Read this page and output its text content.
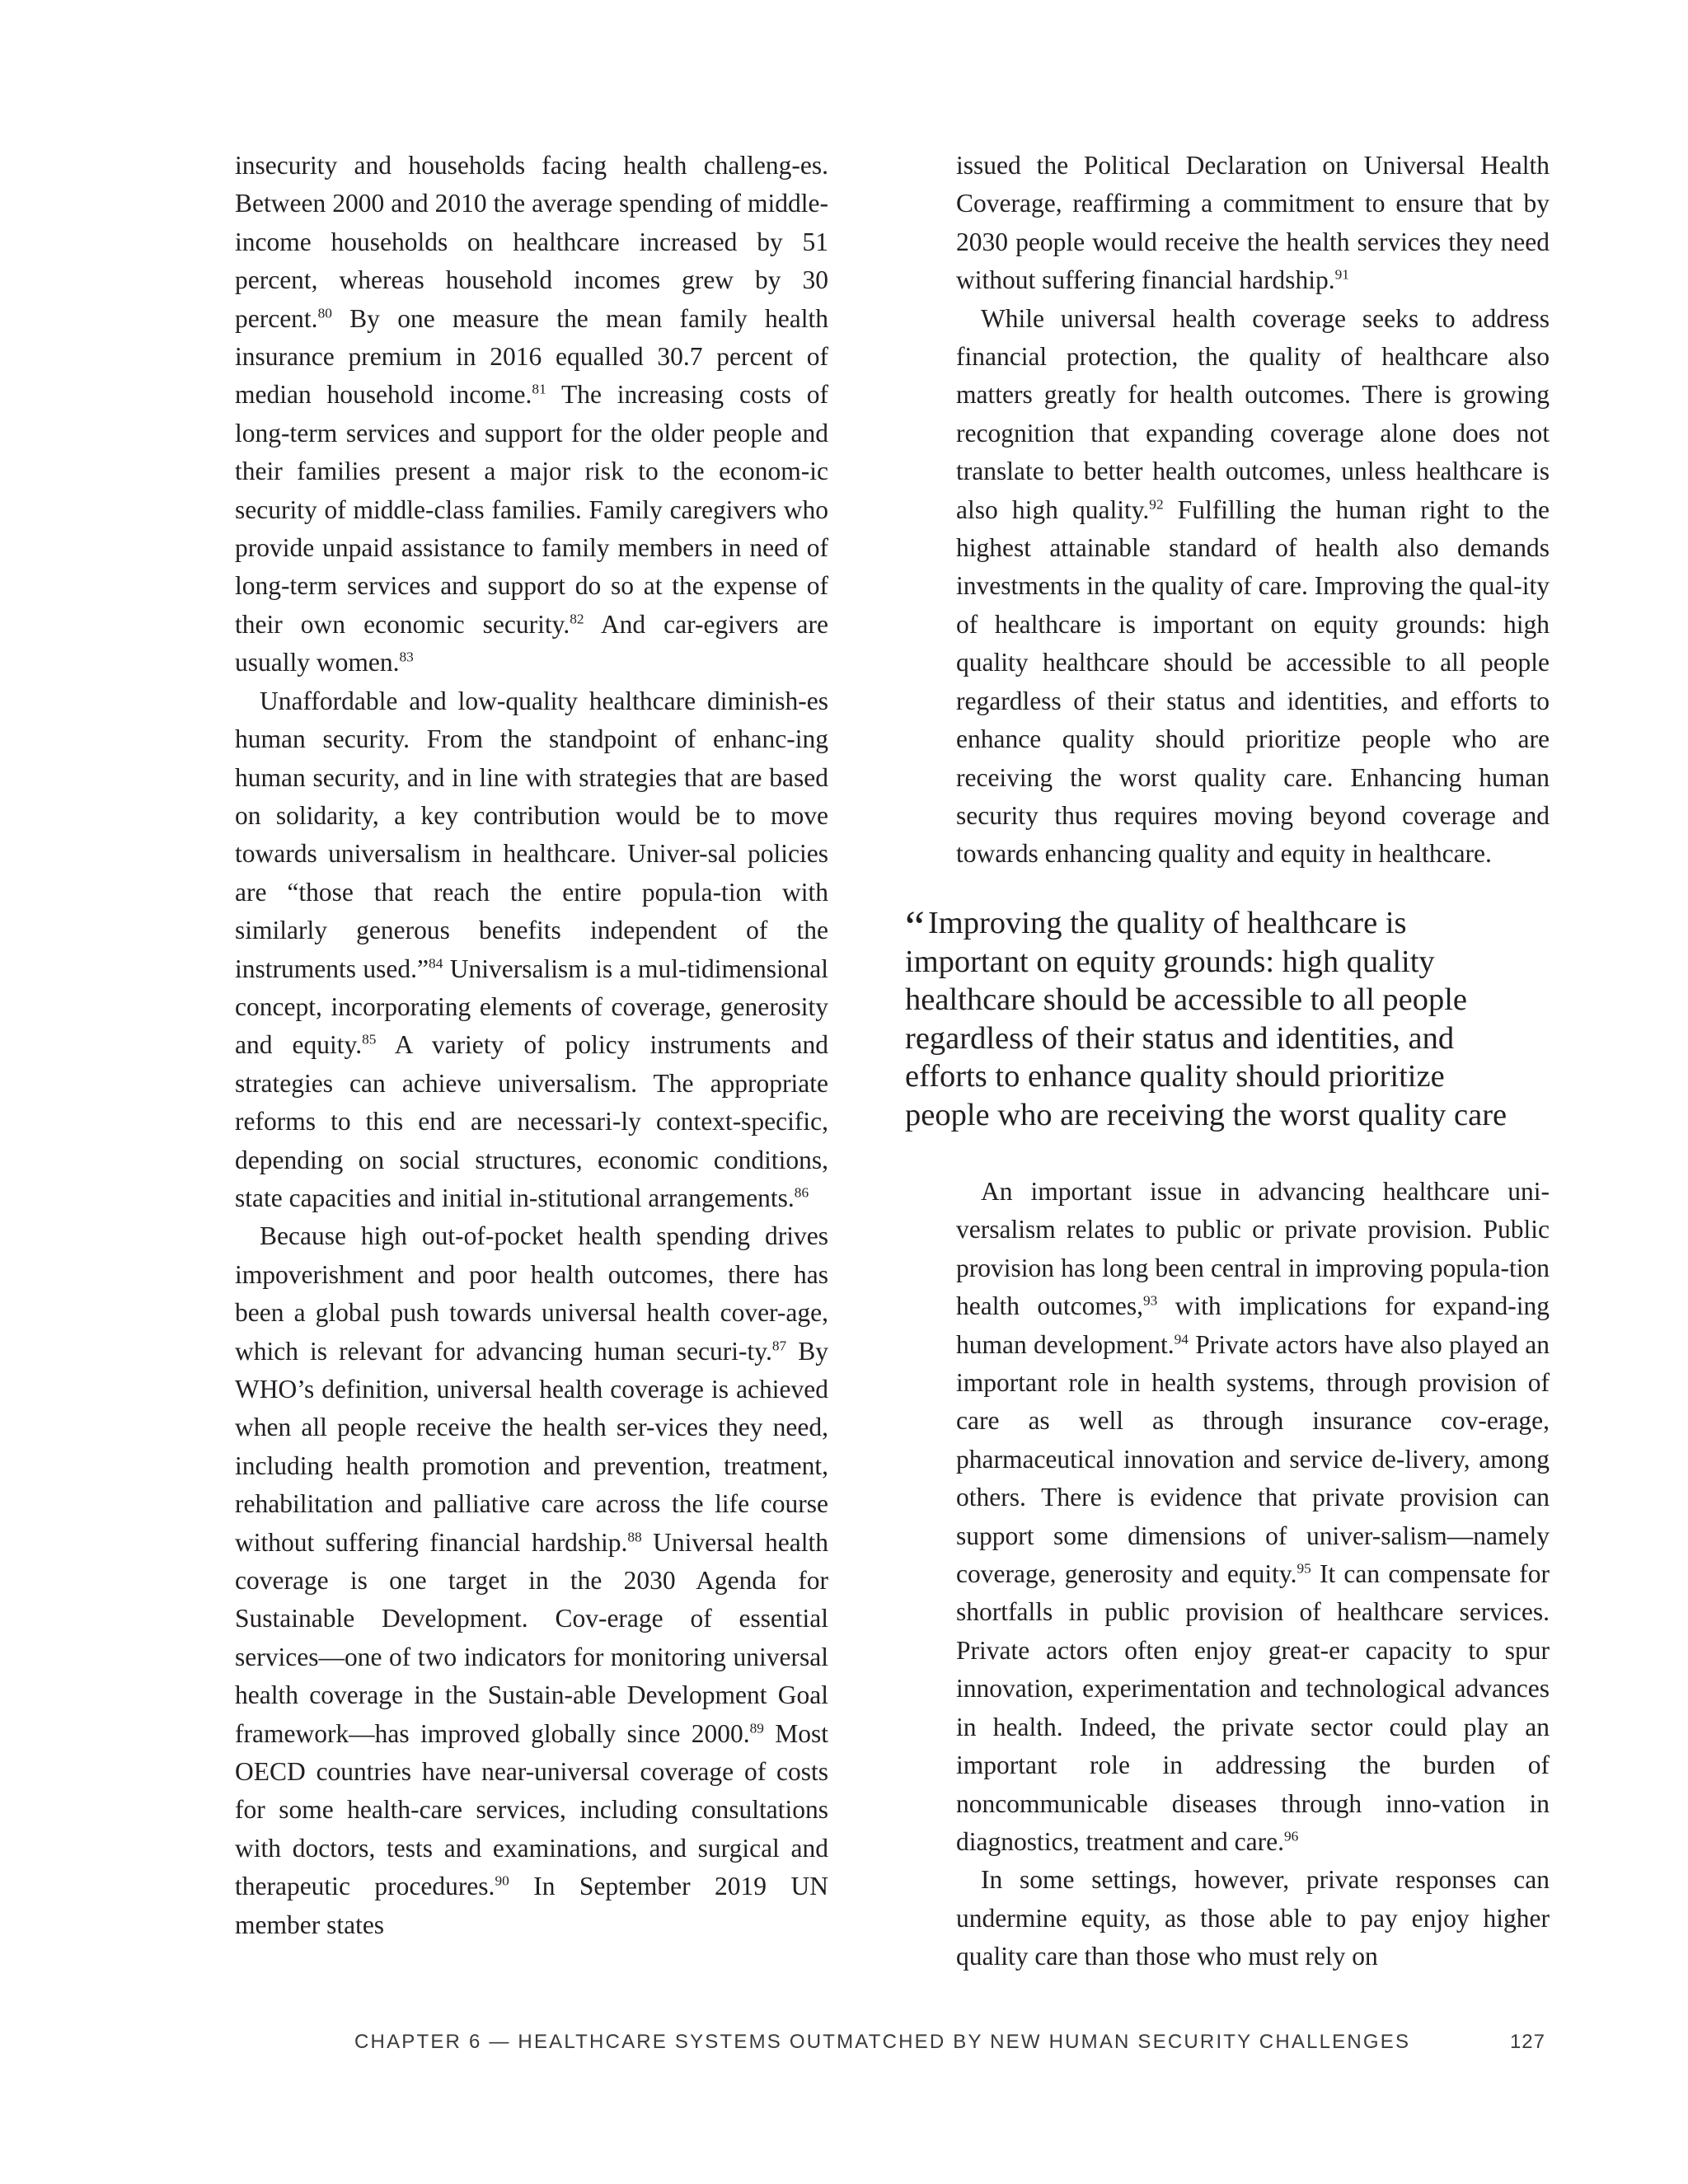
insecurity and households facing health challeng-es. Between 2000 and 2010 the average spending of middle-income households on healthcare increased by 51 percent, whereas household incomes grew by 30 percent.$^{80}$ By one measure the mean family health insurance premium in 2016 equalled 30.7 percent of median household income.$^{81}$ The increasing costs of long-term services and support for the older people and their families present a major risk to the econom-ic security of middle-class families. Family caregivers who provide unpaid assistance to family members in need of long-term services and support do so at the expense of their own economic security.$^{82}$ And car-egivers are usually women.$^{83}$

Unaffordable and low-quality healthcare diminish-es human security. From the standpoint of enhanc-ing human security, and in line with strategies that are based on solidarity, a key contribution would be to move towards universalism in healthcare. Univer-sal policies are “those that reach the entire popula-tion with similarly generous benefits independent of the instruments used.”$^{84}$ Universalism is a mul-tidimensional concept, incorporating elements of coverage, generosity and equity.$^{85}$ A variety of policy instruments and strategies can achieve universalism. The appropriate reforms to this end are necessari-ly context-specific, depending on social structures, economic conditions, state capacities and initial in-stitutional arrangements.$^{86}$

Because high out-of-pocket health spending drives impoverishment and poor health outcomes, there has been a global push towards universal health cover-age, which is relevant for advancing human securi-ty.$^{87}$ By WHO’s definition, universal health coverage is achieved when all people receive the health ser-vices they need, including health promotion and prevention, treatment, rehabilitation and palliative care across the life course without suffering financial hardship.$^{88}$ Universal health coverage is one target in the 2030 Agenda for Sustainable Development. Cov-erage of essential services—one of two indicators for monitoring universal health coverage in the Sustain-able Development Goal framework—has improved globally since 2000.89 Most OECD countries have near-universal coverage of costs for some health-care services, including consultations with doctors, tests and examinations, and surgical and therapeutic procedures.$^{90}$ In September 2019 UN member states

issued the Political Declaration on Universal Health Coverage, reaffirming a commitment to ensure that by 2030 people would receive the health services they need without suffering financial hardship.$^{91}$

While universal health coverage seeks to address financial protection, the quality of healthcare also matters greatly for health outcomes. There is growing recognition that expanding coverage alone does not translate to better health outcomes, unless healthcare is also high quality.$^{92}$ Fulfilling the human right to the highest attainable standard of health also demands investments in the quality of care. Improving the qual-ity of healthcare is important on equity grounds: high quality healthcare should be accessible to all people regardless of their status and identities, and efforts to enhance quality should prioritize people who are receiving the worst quality care. Enhancing human security thus requires moving beyond coverage and towards enhancing quality and equity in healthcare.

“ Improving the quality of healthcare is
important on equity grounds: high quality
healthcare should be accessible to all people
regardless of their status and identities, and
efforts to enhance quality should prioritize
people who are receiving the worst quality care

An important issue in advancing healthcare uni-versalism relates to public or private provision. Public provision has long been central in improving popula-tion health outcomes,$^{93}$ with implications for expand-ing human development.$^{94}$ Private actors have also played an important role in health systems, through provision of care as well as through insurance cov-erage, pharmaceutical innovation and service de-livery, among others. There is evidence that private provision can support some dimensions of univer-salism—namely coverage, generosity and equity.$^{95}$ It can compensate for shortfalls in public provision of healthcare services. Private actors often enjoy great-er capacity to spur innovation, experimentation and technological advances in health. Indeed, the private sector could play an important role in addressing the burden of noncommunicable diseases through inno-vation in diagnostics, treatment and care.$^{96}$

In some settings, however, private responses can undermine equity, as those able to pay enjoy higher quality care than those who must rely on

CHAPTER 6 — HEALTHCARE SYSTEMS OUTMATCHED BY NEW HUMAN SECURITY CHALLENGES	127
